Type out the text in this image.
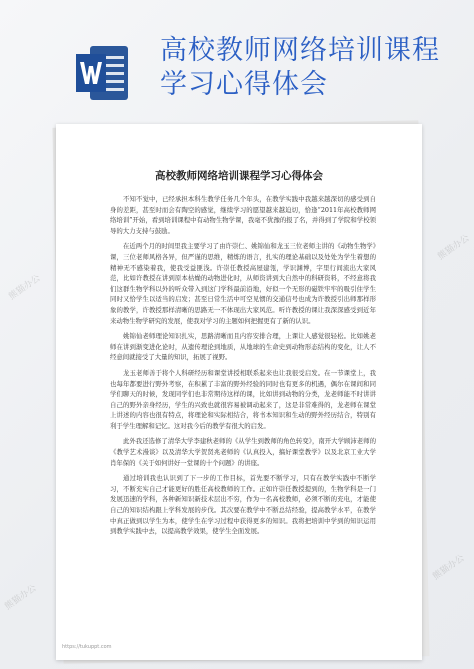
高校教师网络培训课程
学习心得体会
高校教师网络培训课程学习心得体会

不知不觉中，已经承担本科生教学任务几个年头，在教学实践中我越来越深切的感受到自身的差距，甚至时而会有陶空的感觉，继续学习的愿望越来越迫切，恰逢“2011年高校教师网络培训”开始，看到培训课程中有动物生物学课，我毫不犹豫的报了名，并得到了学院和学校领导的大力支持与鼓励。

在近两个月的时间里我主要学习了由许崇仁、姚锦仙和龙玉三位老师主讲的《动物生物学》课，三位老师风格各异，但严谨的思维，精炼的语言，扎实的理论基础以及处处为学生着想的精神无不感染着我，使我受益匪浅。许崇任教授高屋建瓴，学识渊博，字里行间流出大家风范，比如许教授在讲到原本枯燥的动物进化时，从师资讲到大自然中的科研资料，不经意将我们这群生物学科以外的听众带入到这门学科最前沿地，好似一个无形的磁铁牢牢的吸引住学生同时又恰学生以适当的启发；甚至日常生活中可空见惯的交通信号也成为许教授引出师那样形象的教学，许教授那样清晰的思路无一不体现出大家风范。听许教授的课让我深深感受到近年来动物生物学研究的发展，使我对学习的主题如何把握更有了新的认识。

姚锦仙老师理论知识扎实，思路清晰而且内容安排合理，上课让人感觉很轻松。比如姚老师在讲到渐变进化论时，从遗传理论到地质，从地球的生命史到动物形态结构的变化，让人不经意间就接受了大量的知识，拓展了视野。

龙玉老师善于将个人科研经历和课堂讲授相联系起来也让我很受启发。在一节课堂上，我也每年都要进行野外考察，在积累了丰富的野外经验的同时也有更多的机遇，偶尔在课间和同学们聊天的时候，发现同学们也非常期待这样的课，比如讲到动物的分类，龙老师能不时讲讲自己的野外亲身经历，学生的兴致也就很容易被调动起来了，这是非常难得的，龙老师在课堂上讲述的内容也很有特点，将理论和实际相结合，将书本知识和生动的野外经历结合，特别有利于学生理解和记忆。这对我今后的教学有很大的启发。

此外我还选修了清华大学李建秋老师的《从学生到教师的角色转变》，南开大学顾沛老师的《教学艺术漫谈》以及清华大学贺贤兆老师的《认真投入，搞好课堂教学》以及北京工业大学肖年保的《关于如何讲好一堂课的十个问题》的讲座。

通过培训我也认识到了下一步的工作目标，首先要不断学习，只有在教学实践中不断学习，不断充实自己才能更好的胜任高校教师的工作。正如许崇任教授提到的，生物学科是一门发展迅速的学科，各种新知识新技术层出不穷，作为一名高校教师，必须不断的充电，才能使自己的知识结构跟上学科发展的步伐。其次要在教学中不断总结经验，提高教学水平，在教学中真正做到以学生为本，使学生在学习过程中获得更多的知识。我将把培训中学到的知识运用到教学实践中去，以提高教学效果，使学生全面发展。

https://tukuppt.com
熊猫办公
熊猫办公
熊猫办公
熊猫办公
